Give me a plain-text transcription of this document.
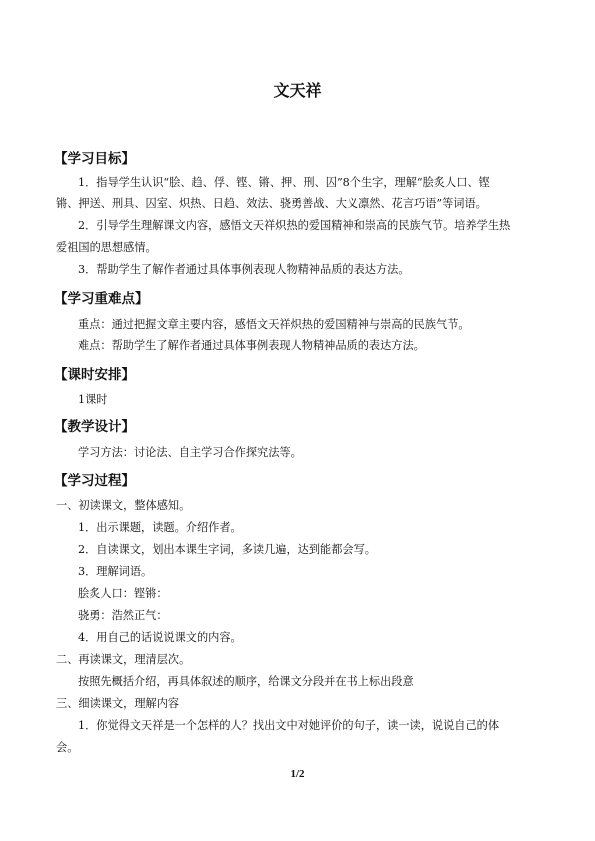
文天祥
【学习目标】
1．指导学生认识“脍、趋、俘、铿、锵、押、刑、囚”8个生字，理解“脍炙人口、铿
锵、押送、刑具、囚室、炽热、日趋、效法、骁勇善战、大义凛然、花言巧语”等词语。
2．引导学生理解课文内容，感悟文天祥炽热的爱国精神和崇高的民族气节。培养学生热
爱祖国的思想感情。
3．帮助学生了解作者通过具体事例表现人物精神品质的表达方法。
【学习重难点】
重点：通过把握文章主要内容，感悟文天祥炽热的爱国精神与崇高的民族气节。
难点：帮助学生了解作者通过具体事例表现人物精神品质的表达方法。
【课时安排】
1课时
【教学设计】
学习方法：讨论法、自主学习合作探究法等。
【学习过程】
一、初读课文，整体感知。
1．出示课题，读题。介绍作者。
2．自读课文，划出本课生字词，多读几遍，达到能都会写。
3．理解词语。
脍炙人口：铿锵：
骁勇：浩然正气：
4．用自己的话说说课文的内容。
二、再读课文，理清层次。
按照先概括介绍，再具体叙述的顺序，给课文分段并在书上标出段意
三、细读课文，理解内容
1．你觉得文天祥是一个怎样的人？找出文中对她评价的句子，读一读，说说自己的体
会。
1/2
